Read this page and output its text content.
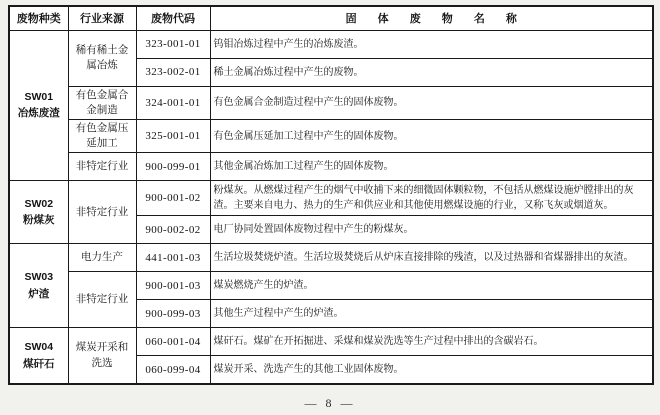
废物种类	行业来源	废物代码	固 体 废 物 名 称
SW01
冶炼废渣	稀有稀土金属冶炼	323-001-01	钨钼冶炼过程中产生的冶炼废渣。
		323-002-01	稀土金属冶炼过程中产生的废物。
	有色金属合金制造	324-001-01	有色金属合金制造过程中产生的固体废物。
	有色金属压延加工	325-001-01	有色金属压延加工过程中产生的固体废物。
	非特定行业	900-099-01	其他金属冶炼加工过程产生的固体废物。
SW02
粉煤灰	非特定行业	900-001-02	粉煤灰。从燃煤过程产生的烟气中收捕下来的细微固体颗粒物，不包括从燃煤设施炉膛排出的灰渣。主要来自电力、热力的生产和供应业和其他使用燃煤设施的行业，又称飞灰或烟道灰。
		900-002-02	电厂协同处置固体废物过程中产生的粉煤灰。
SW03
炉渣	电力生产	441-001-03	生活垃圾焚烧炉渣。生活垃圾焚烧后从炉床直接排除的残渣，以及过热器和省煤器排出的灰渣。
	非特定行业	900-001-03	煤炭燃烧产生的炉渣。
		900-099-03	其他生产过程中产生的炉渣。
SW04
煤矸石	煤炭开采和洗选	060-001-04	煤矸石。煤矿在开拓掘进、采煤和煤炭洗选等生产过程中排出的含碳岩石。
		060-099-04	煤炭开采、洗选产生的其他工业固体废物。
— 8 —
